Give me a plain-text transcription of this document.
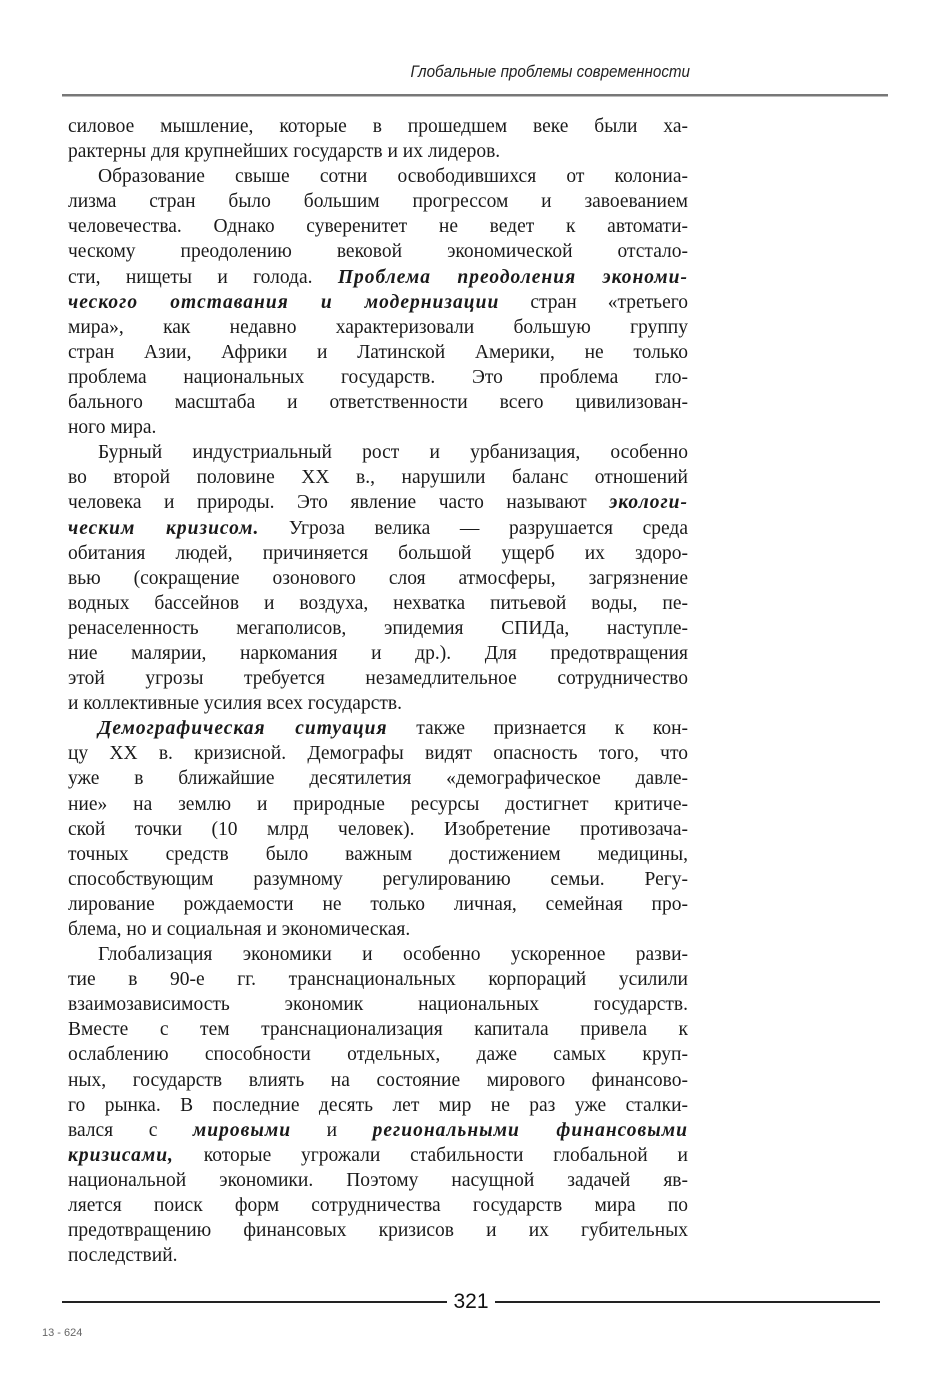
Глобальные проблемы современности
силовое мышление, которые в прошедшем веке были ха-
рактерны для крупнейших государств и их лидеров.
Образование свыше сотни освободившихся от колониа-
лизма стран было большим прогрессом и завоеванием
человечества. Однако суверенитет не ведет к автомати-
ческому преодолению вековой экономической отстало-
сти, нищеты и голода. Проблема преодоления экономи-
ческого отставания и модернизации стран «третьего
мира», как недавно характеризовали большую группу
стран Азии, Африки и Латинской Америки, не только
проблема национальных государств. Это проблема гло-
бального масштаба и ответственности всего цивилизован-
ного мира.
Бурный индустриальный рост и урбанизация, особенно
во второй половине XX в., нарушили баланс отношений
человека и природы. Это явление часто называют экологи-
ческим кризисом. Угроза велика — разрушается среда
обитания людей, причиняется большой ущерб их здоро-
вью (сокращение озонового слоя атмосферы, загрязнение
водных бассейнов и воздуха, нехватка питьевой воды, пе-
ренаселенность мегаполисов, эпидемия СПИДа, наступле-
ние малярии, наркомания и др.). Для предотвращения
этой угрозы требуется незамедлительное сотрудничество
и коллективные усилия всех государств.
Демографическая ситуация также признается к кон-
цу XX в. кризисной. Демографы видят опасность того, что
уже в ближайшие десятилетия «демографическое давле-
ние» на землю и природные ресурсы достигнет критиче-
ской точки (10 млрд человек). Изобретение противозача-
точных средств было важным достижением медицины,
способствующим разумному регулированию семьи. Регу-
лирование рождаемости не только личная, семейная про-
блема, но и социальная и экономическая.
Глобализация экономики и особенно ускоренное разви-
тие в 90-е гг. транснациональных корпораций усилили
взаимозависимость экономик национальных государств.
Вместе с тем транснационализация капитала привела к
ослаблению способности отдельных, даже самых круп-
ных, государств влиять на состояние мирового финансово-
го рынка. В последние десять лет мир не раз уже сталки-
вался с мировыми и региональными финансовыми
кризисами, которые угрожали стабильности глобальной и
национальной экономики. Поэтому насущной задачей яв-
ляется поиск форм сотрудничества государств мира по
предотвращению финансовых кризисов и их губительных
последствий.
321
13 - 624
